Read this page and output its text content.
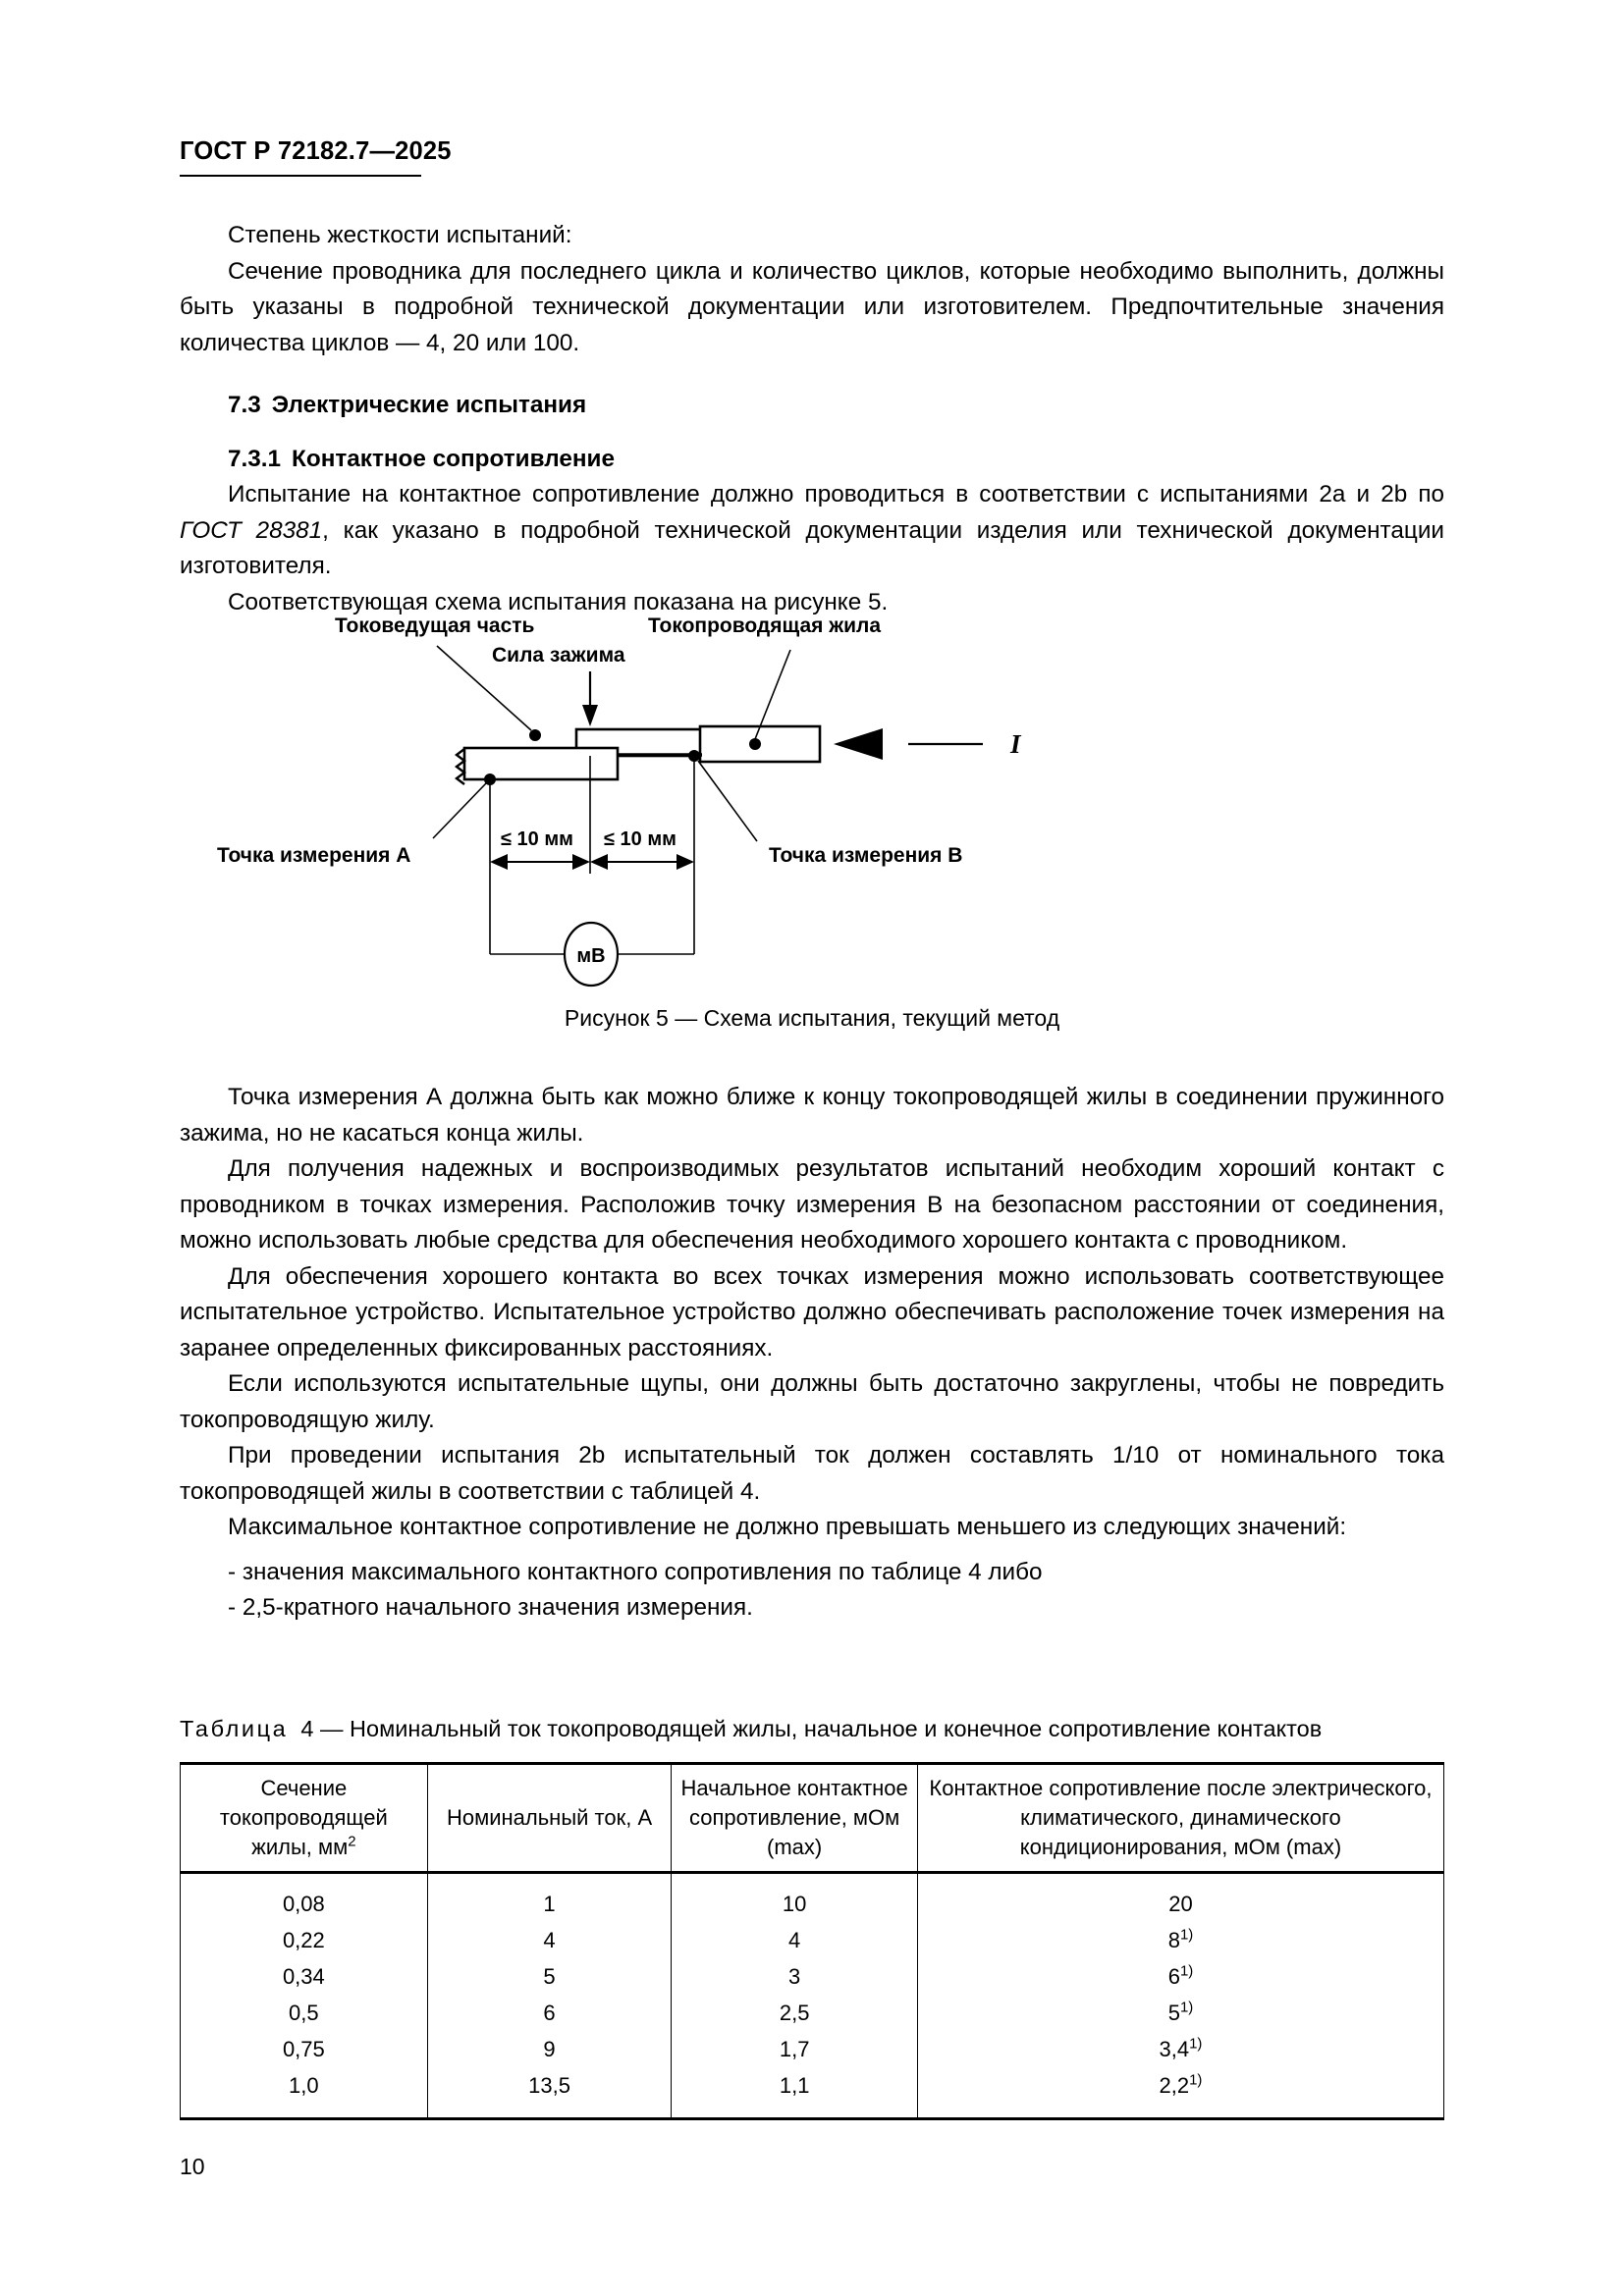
ГОСТ Р 72182.7—2025

Степень жесткости испытаний:

Сечение проводника для последнего цикла и количество циклов, которые необходимо выполнить, должны быть указаны в подробной технической документации или изготовителем. Предпочтительные значения количества циклов — 4, 20 или 100.

7.3 Электрические испытания
7.3.1 Контактное сопротивление

Испытание на контактное сопротивление должно проводиться в соответствии с испытаниями 2а и 2b по ГОСТ 28381, как указано в подробной технической документации изделия или технической документации изготовителя.

Соответствующая схема испытания показана на рисунке 5.

Токоведущая часть
Сила зажима
Токопроводящая жила
I
Точка измерения А	Точка измерения В
≤ 10 мм ≤ 10 мм
мВ
Рисунок 5 — Схема испытания, текущий метод

Точка измерения А должна быть как можно ближе к концу токопроводящей жилы в соединении пружинного зажима, но не касаться конца жилы.

Для получения надежных и воспроизводимых результатов испытаний необходим хороший контакт с проводником в точках измерения. Расположив точку измерения В на безопасном расстоянии от соединения, можно использовать любые средства для обеспечения необходимого хорошего контакта с проводником.

Для обеспечения хорошего контакта во всех точках измерения можно использовать соответствующее испытательное устройство. Испытательное устройство должно обеспечивать расположение точек измерения на заранее определенных фиксированных расстояниях.

Если используются испытательные щупы, они должны быть достаточно закруглены, чтобы не повредить токопроводящую жилу.

При проведении испытания 2b испытательный ток должен составлять 1/10 от номинального тока токопроводящей жилы в соответствии с таблицей 4.

Максимальное контактное сопротивление не должно превышать меньшего из следующих значений:

- значения максимального контактного сопротивления по таблице 4 либо

- 2,5-кратного начального значения измерения.

Таблица 4 — Номинальный ток токопроводящей жилы, начальное и конечное сопротивление контактов
Сечение токопроводящей жилы, мм$^2$	Номинальный ток, А	Начальное контактное сопротивление, мОм (max)	Контактное сопротивление после электрического, климатического, динамического кондиционирования, мОм (max)
0,08	1	10	20
0,22	4	4	8$^{1)}$
0,34	5	3	6$^{1)}$
0,5	6	2,5	5$^{1)}$
0,75	9	1,7	3,4$^{1)}$
1,0	13,5	1,1	2,2$^{1)}$
10
